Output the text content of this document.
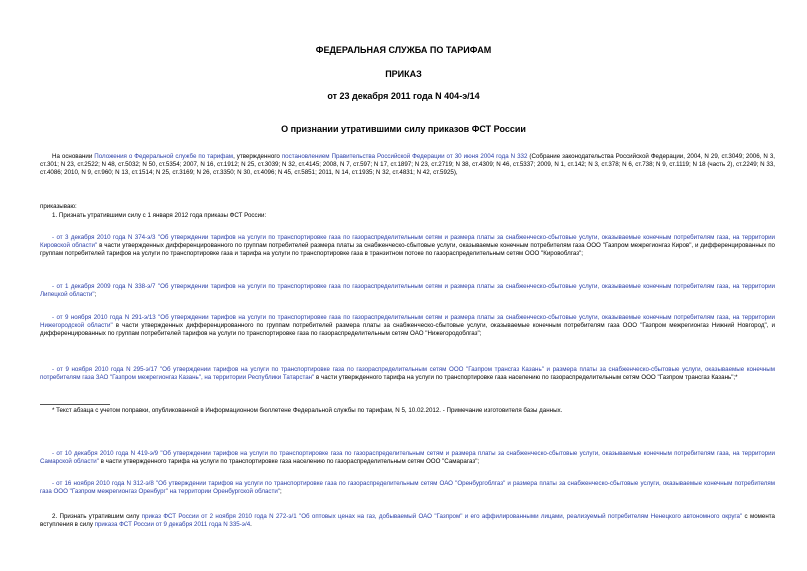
ФЕДЕРАЛЬНАЯ СЛУЖБА ПО ТАРИФАМ
ПРИКАЗ
от 23 декабря 2011 года N 404-э/14
О признании утратившими силу приказов ФСТ России
На основании Положения о Федеральной службе по тарифам, утвержденного постановлением Правительства Российской Федерации от 30 июня 2004 года N 332 (Собрание законодательства Российской Федерации, 2004, N 29, ст.3049; 2006, N 3, ст.301; N 23, ст.2522; N 48, ст.5032; N 50, ст.5354; 2007, N 16, ст.1912; N 25, ст.3039; N 32, ст.4145; 2008, N 7, ст.597; N 17, ст.1897; N 23, ст.2719; N 38, ст.4309; N 46, ст.5337; 2009, N 1, ст.142; N 3, ст.378; N 6, ст.738; N 9, ст.1119; N 18 (часть 2), ст.2249; N 33, ст.4086; 2010, N 9, ст.960; N 13, ст.1514; N 25, ст.3169; N 26, ст.3350; N 30, ст.4096; N 45, ст.5851; 2011, N 14, ст.1935; N 32, ст.4831; N 42, ст.5925),
приказываю:
1. Признать утратившими силу с 1 января 2012 года приказы ФСТ России:
- от 3 декабря 2010 года N 374-э/3 "Об утверждении тарифов на услуги по транспортировке газа по газораспределительным сетям и размера платы за снабженческо-сбытовые услуги, оказываемые конечным потребителям газа, на территории Кировской области" в части утвержденных дифференцированного по группам потребителей размера платы за снабженческо-сбытовые услуги, оказываемые конечным потребителям газа ООО "Газпром межрегионгаз Киров", и дифференцированных по группам потребителей тарифов на услуги по транспортировке газа и тарифа на услуги по транспортировке газа в транзитном потоке по газораспределительным сетям ООО "Кировоблгаз";
- от 1 декабря 2009 года N 338-э/7 "Об утверждении тарифов на услуги по транспортировке газа по газораспределительным сетям и размера платы за снабженческо-сбытовые услуги, оказываемые конечным потребителям газа, на территории Липецкой области";
- от 9 ноября 2010 года N 291-э/13 "Об утверждении тарифов на услуги по транспортировке газа по газораспределительным сетям и размера платы за снабженческо-сбытовые услуги, оказываемые конечным потребителям газа, на территории Нижегородской области" в части утвержденных дифференцированного по группам потребителей размера платы за снабженческо-сбытовые услуги, оказываемые конечным потребителям газа ООО "Газпром межрегионгаз Нижний Новгород", и дифференцированных по группам потребителей тарифов на услуги по транспортировке газа по газораспределительным сетям ОАО "Нижегородоблгаз";
- от 9 ноября 2010 года N 295-э/17 "Об утверждении тарифов на услуги по транспортировке газа по газораспределительным сетям ООО "Газпром трансгаз Казань" и размера платы за снабженческо-сбытовые услуги, оказываемые конечным потребителям газа ЗАО "Газпром межрегионгаз Казань", на территории Республики Татарстан" в части утвержденного тарифа на услуги по транспортировке газа населению по газораспределительным сетям ООО "Газпром трансгаз Казань";*
* Текст абзаца с учетом поправки, опубликованной в Информационном бюллетене Федеральной службы по тарифам, N 5, 10.02.2012. - Примечание изготовителя базы данных.
- от 10 декабря 2010 года N 419-э/9 "Об утверждении тарифов на услуги по транспортировке газа по газораспределительным сетям и размера платы за снабженческо-сбытовые услуги, оказываемые конечным потребителям газа, на территории Самарской области" в части утвержденного тарифа на услуги по транспортировке газа населению по газораспределительным сетям ООО "Самарагаз";
- от 16 ноября 2010 года N 312-э/8 "Об утверждении тарифов на услуги по транспортировке газа по газораспределительным сетям ОАО "Оренбургоблгаз" и размера платы за снабженческо-сбытовые услуги, оказываемые конечным потребителям газа ООО "Газпром межрегионгаз Оренбург" на территории Оренбургской области";
2. Признать утратившим силу приказ ФСТ России от 2 ноября 2010 года N 272-э/1 "Об оптовых ценах на газ, добываемый ОАО "Газпром" и его аффилированными лицами, реализуемый потребителям Ненецкого автономного округа" с момента вступления в силу приказа ФСТ России от 9 декабря 2011 года N 335-э/4.
